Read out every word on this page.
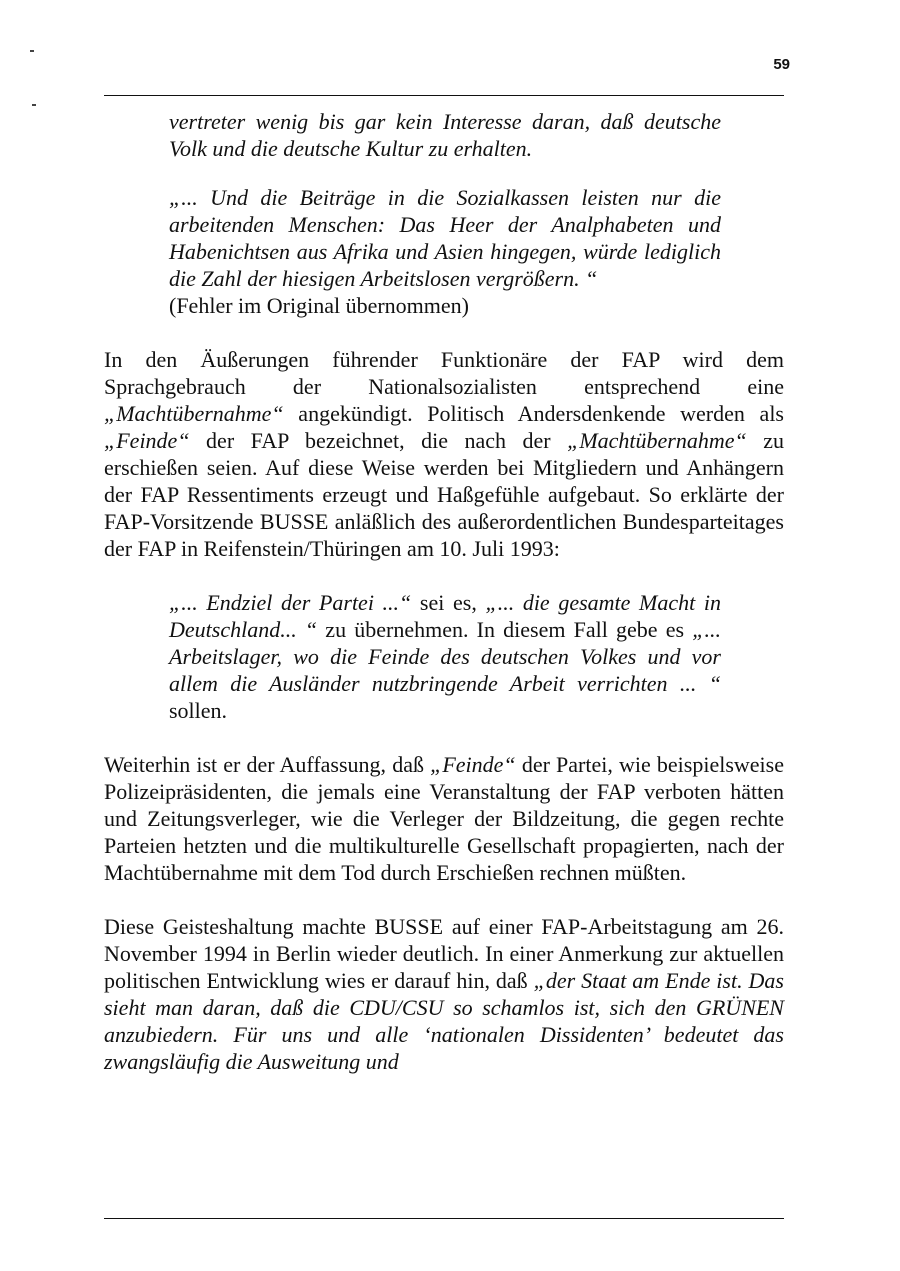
59

vertreter wenig bis gar kein Interesse daran, daß deutsche Volk und die deutsche Kultur zu erhalten.

„... Und die Beiträge in die Sozialkassen leisten nur die arbeitenden Menschen: Das Heer der Analphabeten und Habenichtsen aus Afrika und Asien hingegen, würde lediglich die Zahl der hiesigen Arbeitslosen vergrößern. “

(Fehler im Original übernommen)

In den Äußerungen führender Funktionäre der FAP wird dem Sprachgebrauch der Nationalsozialisten entsprechend eine „Machtübernahme“ angekündigt. Politisch Andersdenkende werden als „Feinde“ der FAP bezeichnet, die nach der „Machtübernahme“ zu erschießen seien. Auf diese Weise werden bei Mitgliedern und Anhängern der FAP Ressentiments erzeugt und Haßgefühle aufgebaut. So erklärte der FAP-Vorsitzende BUSSE anläßlich des außerordentlichen Bundesparteitages der FAP in Reifenstein/Thüringen am 10. Juli 1993:

„... Endziel der Partei ...“ sei es, „... die gesamte Macht in Deutschland... “ zu übernehmen. In diesem Fall gebe es „... Arbeitslager, wo die Feinde des deutschen Volkes und vor allem die Ausländer nutzbringende Arbeit verrichten ... “ sollen.

Weiterhin ist er der Auffassung, daß „Feinde“ der Partei, wie beispielsweise Polizeipräsidenten, die jemals eine Veranstaltung der FAP verboten hätten und Zeitungsverleger, wie die Verleger der Bildzeitung, die gegen rechte Parteien hetzten und die multikulturelle Gesellschaft propagierten, nach der Machtübernahme mit dem Tod durch Erschießen rechnen müßten.

Diese Geisteshaltung machte BUSSE auf einer FAP-Arbeitstagung am 26. November 1994 in Berlin wieder deutlich. In einer Anmerkung zur aktuellen politischen Entwicklung wies er darauf hin, daß „der Staat am Ende ist. Das sieht man daran, daß die CDU/CSU so schamlos ist, sich den GRÜNEN anzubiedern. Für uns und alle ‘nationalen Dissidenten’ bedeutet das zwangsläufig die Ausweitung und
